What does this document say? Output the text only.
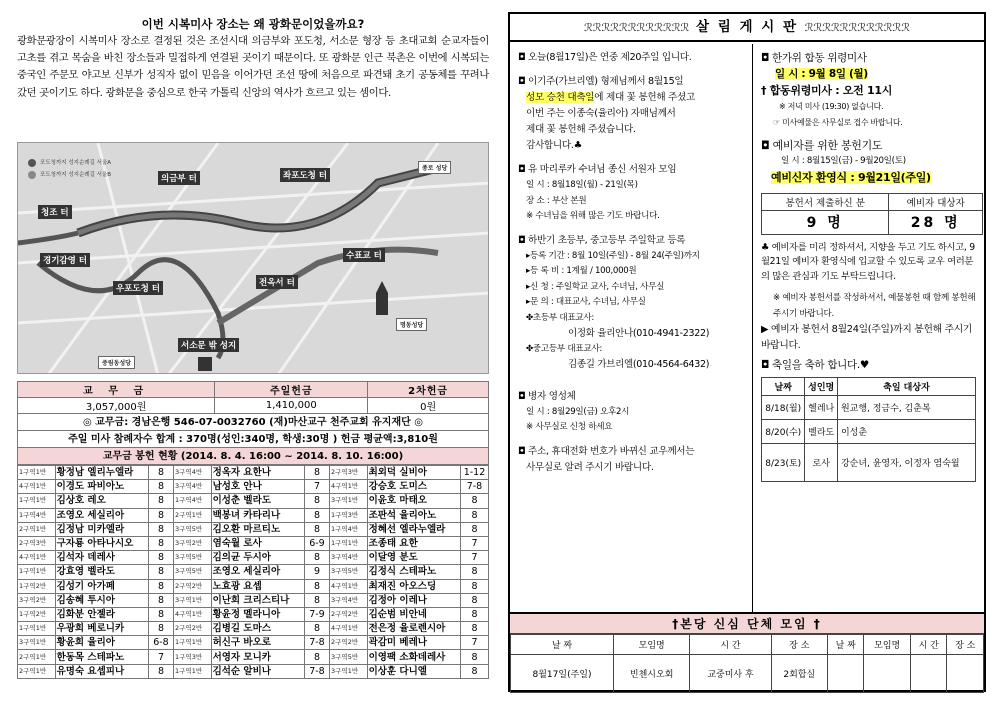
이번 시복미사 장소는 왜 광화문이었을까요?
광화문광장이 시복미사 장소로 결정된 것은 조선시대 의금부와 포도청, 서소문 형장 등 초대교회 순교자들이 고초를 겪고 목숨을 바친 장소들과 밀접하게 연결된 곳이기 때문이다. 또 광화문 인근 북촌은 이번에 시복되는 중국인 주문모 야고보 신부가 성직자 없이 믿음을 이어가던 조선 땅에 처음으로 파견돼 초기 공동체를 꾸려나갔던 곳이기도 하다. 광화문을 중심으로 한국 가톨릭 신앙의 역사가 흐르고 있는 셈이다.
포도청까지 성지순례길 서울A
포도청까지 성지순례길 서울B	좌포도청 터
의금부 터
청조 터
경기감영 터
우포도청 터
서소문 밖 성지
전옥서 터
수표교 터
중림동성당
종로 성당
명동성당
교 무 금	주일헌금	2차헌금
3,057,000원	1,410,000	0원
◎ 교무금: 경남은행 546-07-0032760 (재)마산교구 천주교회 유지재단 ◎
주일 미사 참례자수 합계 : 370명(성인:340명, 학생:30명 ) 헌금 평균액:3,810원
교무금 봉헌 현황 (2014. 8. 4. 16:00 ~ 2014. 8. 10. 16:00)
1구역1반	황정남 엘리누엘라	8	3구역4반	정옥자 요한나	8	2구역3반	최외덕 실비아	1-12
4구역1반	이경도 파비아노	8	3구역4반	남성호 안나	7	4구역1반	강승호 도미스	7-8
1구역1반	김상호 레오	8	1구역4반	이성춘 벨라도	8	3구역1반	이윤호 마태오	8
1구역4반	조영오 세실리아	8	2구역1반	백봉녀 카타리나	8	1구역3반	조판석 율리아노	8
2구역1반	김정남 미카엘라	8	3구역5반	김오환 마르티노	8	1구역4반	정혜선 엘라누엘라	8
2구역3반	구자룡 아타나시오	8	3구역2반	염숙월 로사	6-9	1구역1반	조종태 요한	7
4구역1반	김석자 데레사	8	3구역5반	김의균 두시아	8	3구역4반	이달영 분도	7
1구역1반	강효영 벨라도	8	3구역5반	조영오 세실리아	9	3구역5반	김정식 스테파노	8
1구역2반	김성기 아가페	8	2구역2반	노효광 요셉	8	4구역1반	최재진 아오스딩	8
3구역2반	김송혜 투시아	8	3구역1반	이난희 크리스티나	8	3구역4반	김정아 이레나	8
1구역2반	김화분 안젤라	8	4구역1반	황윤정 멜라니아	7-9	2구역2반	김순범 비안네	8
1구역1반	우광희 베로니카	8	2구역2반	김병길 도마스	8	4구역1반	전은정 율로렌시아	8
3구역1반	황윤희 율리아	6-8	1구역1반	허신구 바오로	7-8	2구역2반	곽감미 베레나	7
2구역1반	한동목 스테파노	7	1구역3반	서영자 모니카	8	3구역5반	이영팩 소화데레사	8
2구역1반	유명숙 요셉피나	8	1구역1반	김석순 알비나	7-8	3구역1반	이상훈 다니엘	8
ℛℛℛℛℛℛℛℛℛℛℛℛ 살 림 게 시 판 ℛℛℛℛℛℛℛℛℛℛℛℛ
◘ 오늘(8월17일)은 연중 제20주일 입니다.
◘ 이기주(가브리엘) 형제님께서 8월15일
성모 승천 대축일에 제대 꽃 봉헌해 주셨고
이번 주는 이종숙(율리아) 자매님께서
제대 꽃 봉헌해 주셨습니다.
감사합니다.♣
◘ 유 마리루카 수녀님 종신 서원자 모임
일 시 : 8월18일(월) - 21일(목)
장 소 : 부산 본원
※ 수녀님을 위해 많은 기도 바랍니다.
◘ 하반기 초등부, 중고등부 주일학교 등록
▸등록 기간 : 8월 10일(주일) - 8월 24(주일)까지
▸등 록 비 : 1계월 / 100,000원
▸신 청 : 주일학교 교사, 수녀님, 사무실
▸문 의 : 대표교사, 수녀님, 사무실
✤초등부 대표교사:
이정화 율리안나(010-4941-2322)
✤중고등부 대표교사:
김종길 가브리엘(010-4564-6432)
◘ 병자 영성체
일 시 : 8월29일(금) 오후2시
※ 사무실로 신청 하세요
◘ 주소, 휴대전화 번호가 바뀌신 교우께서는
사무실로 알려 주시기 바랍니다.
◘ 한가위 합동 위령미사
일 시 : 9월 8일 (월)
† 합동위령미사 : 오전 11시
※ 저녁 미사 (19:30) 없습니다.
☞ 미사예물은 사무실로 접수 바랍니다.
◘ 예비자를 위한 봉헌기도
일 시 : 8월15일(금) - 9월20일(토)
예비신자 환영식 : 9월21일(주일)
봉헌서 제출하신 분	예비자 대상자
9 명	28 명
♣ 예비자를 미리 정하셔서, 지향을 두고 기도 하시고, 9월21일 예비자 환영식에 입교할 수 있도록 교우 여러분의 많은 관심과 기도 부탁드립니다.
※ 예비자 봉헌서를 작성하셔서, 예물봉헌 때 함께 봉헌해 주시기 바랍니다.
▶ 예비자 봉헌서 8월24일(주일)까지 봉헌해 주시기 바랍니다.
◘ 축일을 축하 합니다.♥
날짜	성인명	축일 대상자
8/18(월)	헬레나	원교행, 정금수, 김춘복
8/20(수)	벨라도	이성춘
8/23(토)	로사	강순녀, 윤영자, 이정자 염숙월
†본당 신심 단체 모임 †
날 짜	모임명	시 간	장 소	날 짜	모임명	시 간	장 소
8월17일(주일)	빈첸시오회	교중미사 후	2회합실				
